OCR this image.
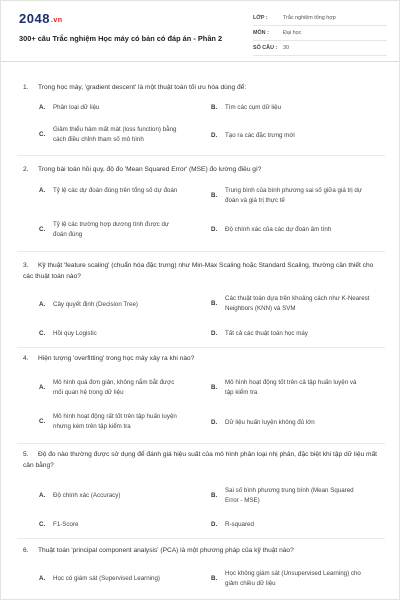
2048.vn
300+ câu Trắc nghiệm Học máy có bản có đáp án - Phần 2
LỚP :	Trắc nghiệm tổng hợp
MÔN :	Đại học
SỐ CÂU :	30
1. Trong học máy, 'gradient descent' là một thuật toán tối ưu hóa dùng để:
A.	Phân loại dữ liệu	B.	Tìm các cụm dữ liệu
C.
Giảm thiểu hàm mất mát (loss function) bằng cách điều chỉnh tham số mô hình
D.	Tạo ra các đặc trưng mới
2. Trong bài toán hồi quy, độ đo 'Mean Squared Error' (MSE) đo lường điều gì?
A.	Tỷ lệ các dự đoán đúng trên tổng số dự đoán
B.
Trung bình của bình phương sai số giữa giá trị dự đoán và giá trị thực tế
C.
Tỷ lệ các trường hợp dương tính được dự đoán đúng
D.	Độ chính xác của các dự đoán âm tính
3. Kỹ thuật 'feature scaling' (chuẩn hóa đặc trưng) như Min-Max Scaling hoặc Standard Scaling, thường cần thiết cho các thuật toán nào?
A.	Cây quyết định (Decision Tree)	B.
Các thuật toán dựa trên khoảng cách như K-Nearest Neighbors (KNN) và SVM
C.	Hồi quy Logistic	D.	Tất cả các thuật toán học máy
4. Hiện tượng 'overfitting' trong học máy xảy ra khi nào?
A.
Mô hình quá đơn giản, không nắm bắt được mối quan hệ trong dữ liệu
B.
Mô hình hoạt động tốt trên cả tập huấn luyện và tập kiểm tra
C.
Mô hình hoạt động rất tốt trên tập huấn luyện nhưng kém trên tập kiểm tra
D.	Dữ liệu huấn luyện không đủ lớn
5. Độ đo nào thường được sử dụng để đánh giá hiệu suất của mô hình phân loại nhị phân, đặc biệt khi tập dữ liệu mất cân bằng?
A.	Độ chính xác (Accuracy)	B.
Sai số bình phương trung bình (Mean Squared Error - MSE)
C.	F1-Score	D.	R-squared
6. Thuật toán 'principal component analysis' (PCA) là một phương pháp của kỹ thuật nào?
A.	Học có giám sát (Supervised Learning)	B.
Học không giám sát (Unsupervised Learning) cho giảm chiều dữ liệu
